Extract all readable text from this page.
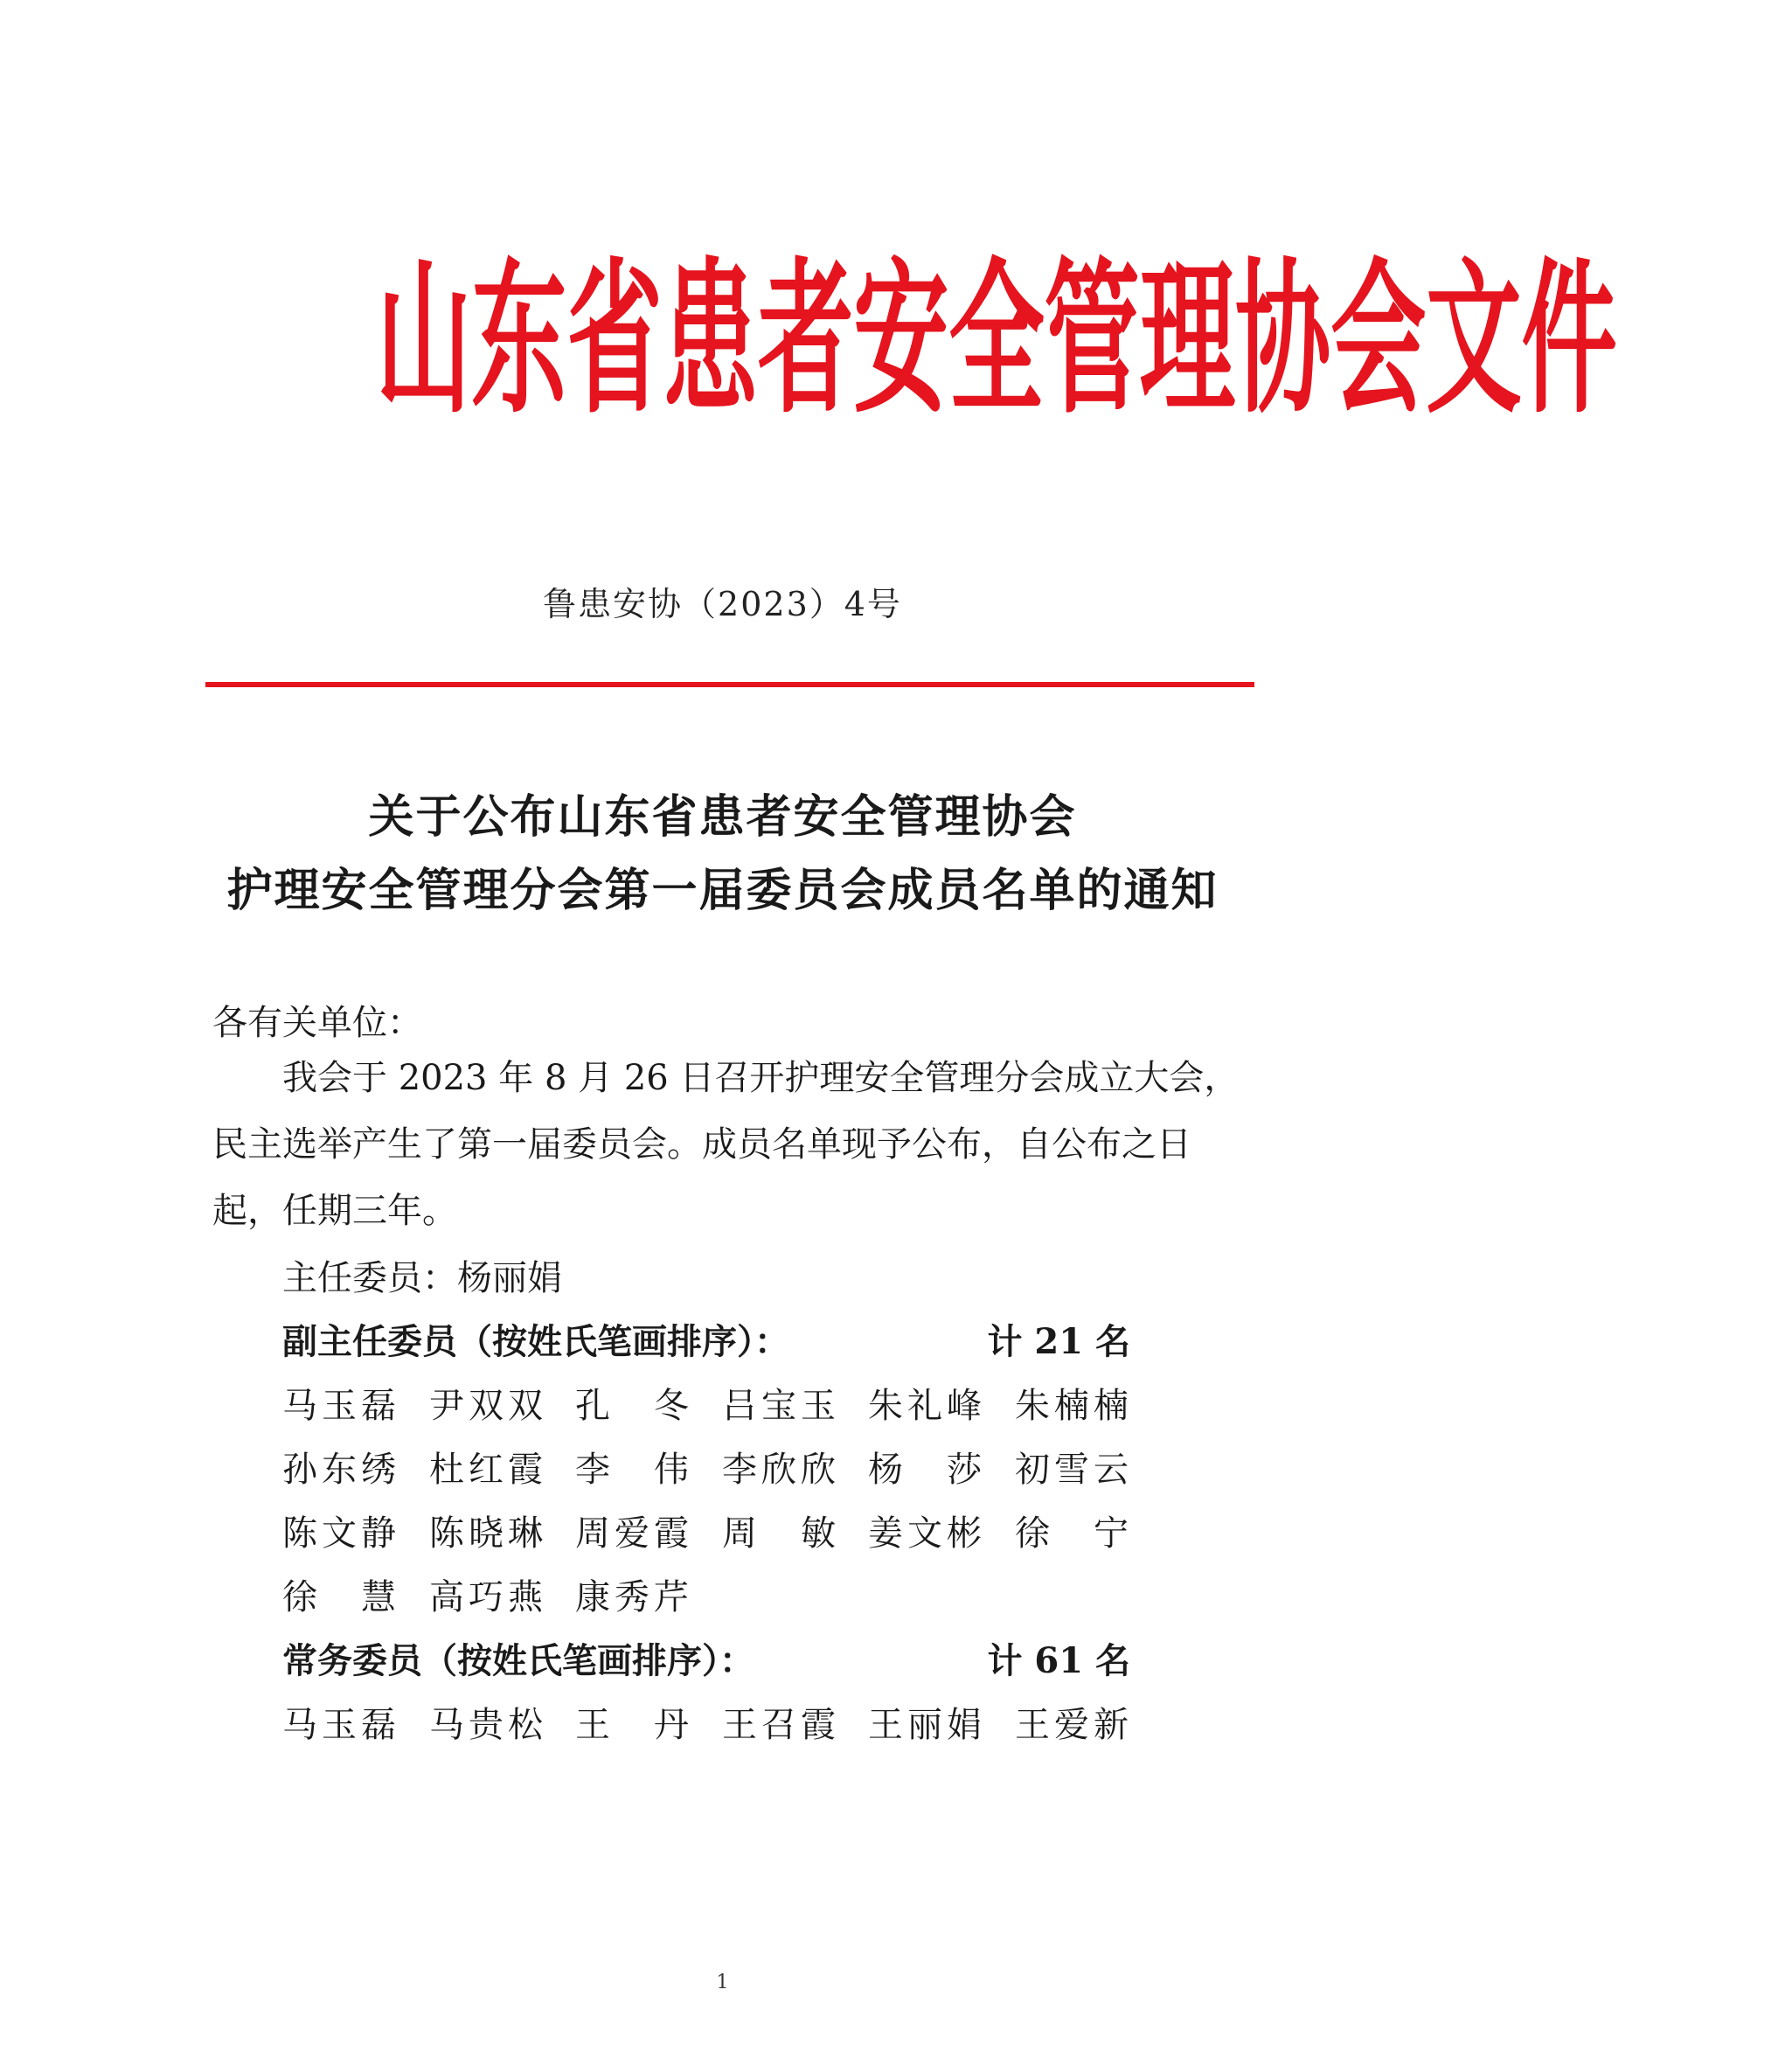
山东省患者安全管理协会文件
鲁患安协（2023）4号
关于公布山东省患者安全管理协会
护理安全管理分会第一届委员会成员名单的通知
各有关单位：
我会于 2023 年 8 月 26 日召开护理安全管理分会成立大会，
民主选举产生了第一届委员会。成员名单现予公布，自公布之日
起，任期三年。
主任委员：杨丽娟
副主任委员（按姓氏笔画排序）：	计 21 名
马玉磊 尹双双 孔　冬 吕宝玉 朱礼峰 朱楠楠
孙东绣 杜红霞 李　伟 李欣欣 杨　莎 初雪云
陈文静 陈晓琳 周爱霞 周　敏 姜文彬 徐　宁
徐　慧 高巧燕 康秀芹
常务委员（按姓氏笔画排序）：	计 61 名
马玉磊 马贵松 王　丹 王召霞 王丽娟 王爱新
1
